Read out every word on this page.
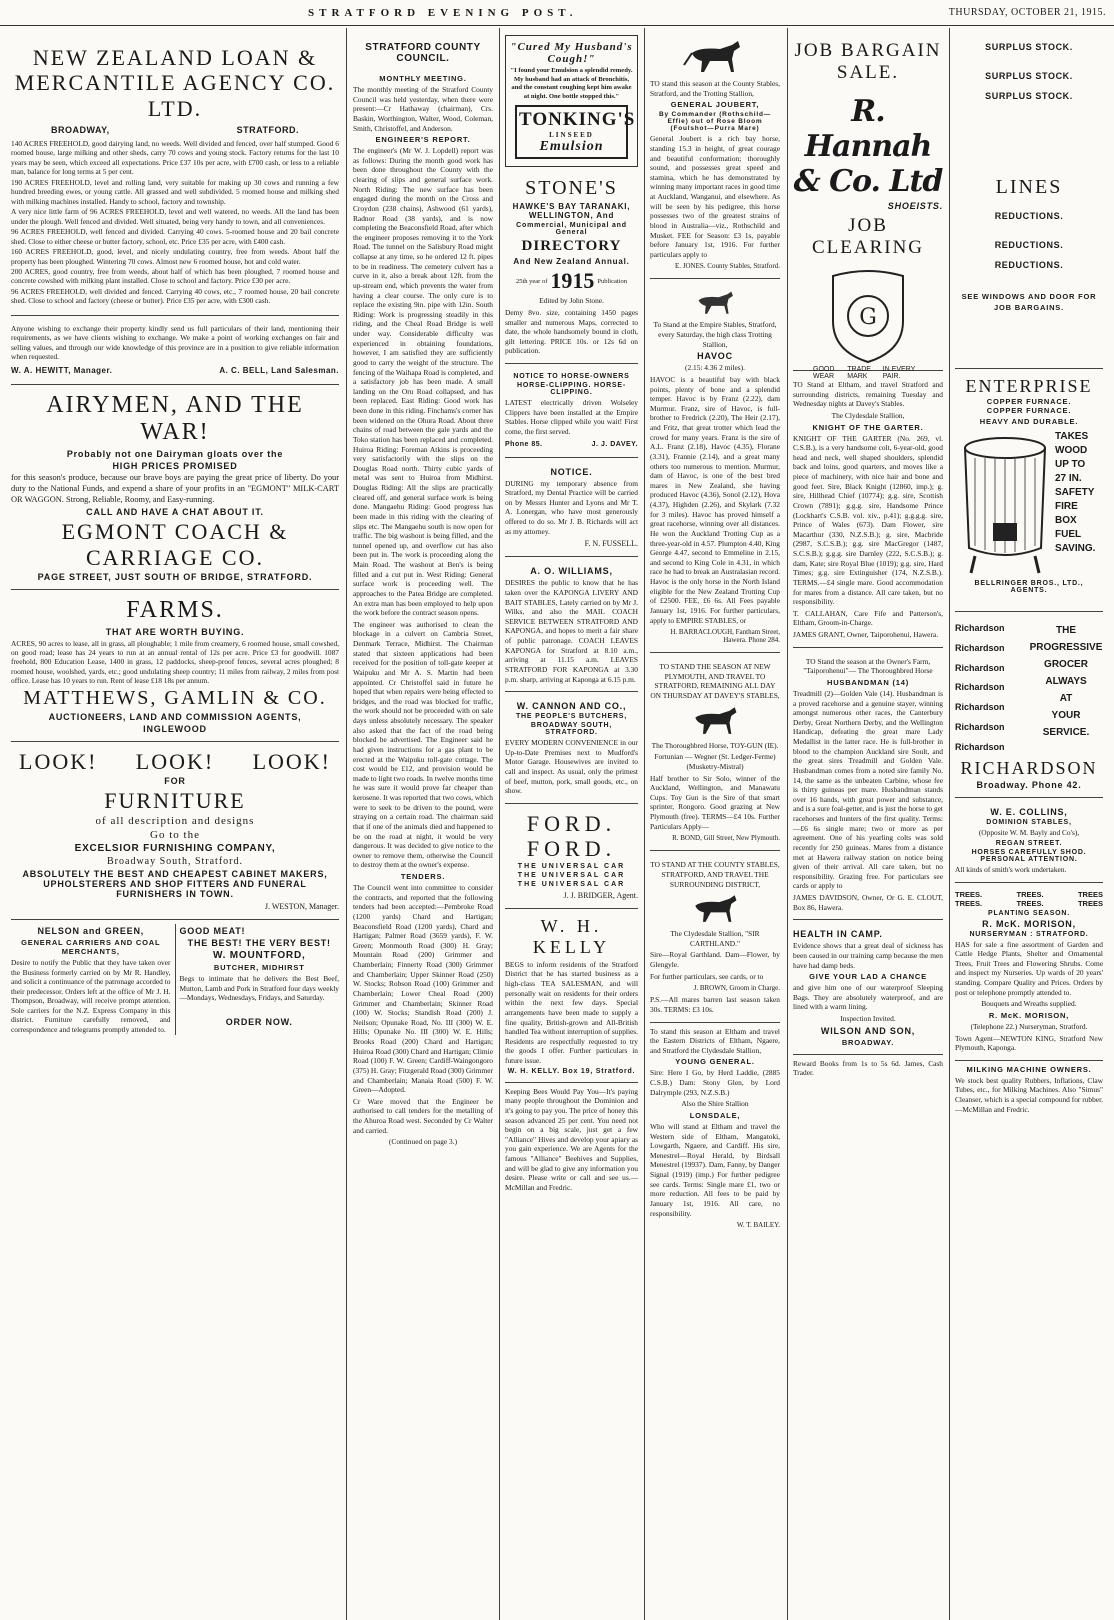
STRATFORD EVENING POST.	THURSDAY, OCTOBER 21, 1915.

NEW ZEALAND LOAN & MERCANTILE AGENCY CO. LTD.

BROADWAY,	STRATFORD.

140 ACRES FREEHOLD, good dairying land, no weeds. Well divided and fenced, over half stumped. Good 6 roomed house, large milking and other sheds, carry 70 cows and young stock. Factory returns for the last 10 years may be seen, which exceed all expectations. Price £37 10s per acre, with £700 cash, or less to a reliable man, balance for long terms at 5 per cent.

190 ACRES FREEHOLD, level and rolling land, very suitable for making up 30 cows and running a few hundred breeding ewes, or young cattle. All grassed and well subdivided. 5 roomed house and milking shed with milking machines installed. Handy to school, factory and township.

A very nice little farm of 96 ACRES FREEHOLD, level and well watered, no weeds. All the land has been under the plough. Well fenced and divided. Well situated, being very handy to town, and all conveniences.

96 ACRES FREEHOLD, well fenced and divided. Carrying 40 cows. 5-roomed house and 20 bail concrete shed. Close to either cheese or butter factory, school, etc. Price £35 per acre, with £400 cash.

160 ACRES FREEHOLD, good, level, and nicely undulating country, free from weeds. About half the property has been ploughed. Wintering 70 cows. Almost new 6 roomed house, hot and cold water.

200 ACRES, good country, free from weeds, about half of which has been ploughed, 7 roomed house and concrete cowshed with milking plant installed. Close to school and factory. Price £30 per acre.

96 ACRES FREEHOLD, well divided and fenced. Carrying 40 cows, etc., 7 roomed house, 20 bail concrete shed. Close to school and factory (cheese or butter). Price £35 per acre, with £300 cash.

Anyone wishing to exchange their property kindly send us full particulars of their land, mentioning their requirements, as we have clients wishing to exchange. We make a point of working exchanges on fair and selling values, and through our wide knowledge of this province are in a position to give reliable information when requested.

W. A. HEWITT, Manager.	A. C. BELL, Land Salesman.

AIRYMEN, AND THE WAR!

Probably not one Dairyman gloats over the

HIGH PRICES PROMISED

for this season's produce, because our brave boys are paying the great price of liberty. Do your duty to the National Funds, and expend a share of your profits in an "EGMONT" MILK-CART OR WAGGON. Strong, Reliable, Roomy, and Easy-running.

CALL AND HAVE A CHAT ABOUT IT.

EGMONT COACH & CARRIAGE CO.

PAGE STREET, JUST SOUTH OF BRIDGE, STRATFORD.

FARMS.

THAT ARE WORTH BUYING.

ACRES, 90 acres to lease, all in grass, all ploughable; 1 mile from creamery, 6 roomed house, small cowshed, on good road; lease has 24 years to run at an annual rental of 12s per acre. Price £3 for goodwill. 1087 freehold, 800 Education Lease, 1400 in grass, 12 paddocks, sheep-proof fences, several acres ploughed; 8 roomed house, woolshed, yards, etc.; good undulating sheep country; 11 miles from railway, 2 miles from post office. Lease has 10 years to run. Rent of lease £18 18s per annum.

MATTHEWS, GAMLIN & CO.

AUCTIONEERS, LAND AND COMMISSION AGENTS,

INGLEWOOD

LOOK! LOOK! LOOK!

FOR

FURNITURE

of all description and designs

Go to the

EXCELSIOR FURNISHING COMPANY,

Broadway South, Stratford.

ABSOLUTELY THE BEST AND CHEAPEST CABINET MAKERS, UPHOLSTERERS AND SHOP FITTERS AND FUNERAL FURNISHERS IN TOWN.

J. WESTON, Manager.

NELSON and GREEN,

GENERAL CARRIERS AND COAL MERCHANTS,

Desire to notify the Public that they have taken over the Business formerly carried on by Mr R. Handley, and solicit a continuance of the patronage accorded to their predecessor. Orders left at the office of Mr J. H. Thompson, Broadway, will receive prompt attention. Sole carriers for the N.Z. Express Company in this district. Furniture carefully removed, and correspondence and telegrams promptly attended to.

GOOD MEAT!

THE BEST! THE VERY BEST!

W. MOUNTFORD,

BUTCHER, MIDHIRST

Begs to intimate that he delivers the Best Beef, Mutton, Lamb and Pork in Stratford four days weekly—Mondays, Wednesdays, Fridays, and Saturday.

ORDER NOW.

STRATFORD COUNTY COUNCIL.

MONTHLY MEETING.

The monthly meeting of the Stratford County Council was held yesterday, when there were present:—Cr Hathaway (chairman), Crs. Baskin, Worthington, Walter, Wood, Coleman, Smith, Christoffel, and Anderson.

ENGINEER'S REPORT.

The engineer's (Mr W. J. Lopdell) report was as follows: During the month good work has been done throughout the County with the clearing of slips and general surface work. North Riding: The new surface has been engaged during the month on the Cross and Croydon (238 chains), Ashwood (61 yards), Radnor Road (38 yards), and is now completing the Beaconsfield Road, after which the engineer proposes removing it to the York Road. The tunnel on the Salisbury Road might collapse at any time, so he ordered 12 ft. pipes to be in readiness. The cemetery culvert has a curve in it, also a break about 12ft. from the up-stream end, which prevents the water from having a clear course. The only cure is to replace the existing 9in. pipe with 12in. South Riding: Work is progressing steadily in this riding, and the Cheal Road Bridge is well under way. Considerable difficulty was experienced in obtaining foundations, however, I am satisfied they are sufficiently good to carry the weight of the structure. The fencing of the Waihapa Road is completed, and a satisfactory job has been made. A small landing on the Oru Road collapsed, and has been replaced. East Riding: Good work has been done in this riding. Finchams's corner has been widened on the Ohura Road. About three chains of road between the gale yards and the Toko station has been replaced and completed. Huiroa Riding: Foreman Atkins is proceeding very satisfactorily with the slips on the Douglas Road north. Thirty cubic yards of metal was sent to Huiroa from Midhirst. Douglas Riding: All the slips are practically cleared off, and general surface work is being done. Mangaehu Riding: Good progress has been made in this riding with the clearing of slips etc. The Mangaehu south is now open for traffic. The big washout is being filled, and the tunnel opened up, and overflow cut has also been put in. The work is proceeding along the Main Road. The washout at Ben's is being filled and a cut put in. West Riding: General surface work is proceeding well. The approaches to the Patea Bridge are completed. An extra man has been employed to help upon the work before the contract season opens.

The engineer was authorised to clean the blockage in a culvert on Cambria Street, Denmark Terrace, Midhirst. The Chairman stated that sixteen applications had been received for the position of toll-gate keeper at Waipuku and Mr A. S. Martin had been appointed. Cr Christoffel said in future he hoped that when repairs were being effected to bridges, and the road was blocked for traffic, the work should not be proceeded with on sale days unless absolutely necessary. The speaker also asked that the fact of the road being blocked be advertised. The Engineer said he had given instructions for a gas plant to be erected at the Waipuku toll-gate cottage. The cost would be £12, and provision would be made to light two roads. In twelve months time he was sure it would prove far cheaper than kerosene. It was reported that two cows, which were to seek to be driven to the pound, were straying on a certain road. The chairman said that if one of the animals died and happened to be on the road at night, it would be very dangerous. It was decided to give notice to the owner to remove them, otherwise the Council to destroy them at the owner's expense.

TENDERS.

The Council went into committee to consider the contracts, and reported that the following tenders had been accepted:—Pembroke Road (1200 yards) Chard and Hartigan; Beaconsfield Road (1200 yards), Chard and Hartigan; Palmer Road (3659 yards), F. W. Green; Monmouth Road (300) H. Gray; Mountain Road (200) Grimmer and Chamberlain; Finnerty Road (300) Grimmer and Chamberlain; Upper Skinner Road (250) W. Stocks; Robson Road (100) Grimmer and Chamberlain; Lower Cheal Road (200) Grimmer and Chamberlain; Skinner Road (100) W. Stocks; Standish Road (200) J. Neilson; Opunake Road, No. III (300) W. E. Hills; Opunake No. III (300) W. E. Hills; Brooks Road (200) Chard and Hartigan; Huiroa Road (300) Chard and Hartigan; Climie Road (100) F. W. Green; Cardiff-Waingongoro (375) H. Gray; Fitzgerald Road (300) Grimmer and Chamberlain; Manaia Road (500) F. W. Green—Adopted.

Cr Ware moved that the Engineer be authorised to call tenders for the metalling of the Ahuroa Road west. Seconded by Cr Walter and carried.

(Continued on page 3.)

"Cured My Husband's Cough!"

"I found your Emulsion a splendid remedy. My husband had an attack of Bronchitis, and the constant coughing kept him awake at night. One bottle stopped this."

TONKING'S
LINSEED
Emulsion

STONE'S

HAWKE'S BAY TARANAKI, WELLINGTON, And

Commercial, Municipal and General

DIRECTORY

And New Zealand Annual.

25th year of 1915 Publication

Edited by John Stone.

Demy 8vo. size, containing 1450 pages smaller and numerous Maps, corrected to date, the whole handsomely bound in cloth, gilt lettering. PRICE 10s. or 12s 6d on publication.

NOTICE TO HORSE-OWNERS

HORSE-CLIPPING. HORSE-CLIPPING.

LATEST electrically driven Wolseley Clippers have been installed at the Empire Stables. Horse clipped while you wait! First come, the first served.

Phone 85.	J. J. DAVEY.

NOTICE.

DURING my temporary absence from Stratford, my Dental Practice will be carried on by Messrs Hunter and Lyons and Mr T. A. Lonergan, who have most generously offered to do so. Mr J. B. Richards will act as my attorney.

F. N. FUSSELL.

A. O. WILLIAMS,

DESIRES the public to know that he has taken over the KAPONGA LIVERY AND BAIT STABLES, Lately carried on by Mr J. Wilks, and also the MAIL COACH SERVICE BETWEEN STRATFORD AND KAPONGA, and hopes to merit a fair share of public patronage. COACH LEAVES KAPONGA for Stratford at 8.10 a.m., arriving at 11.15 a.m. LEAVES STRATFORD FOR KAPONGA at 3.30 p.m. sharp, arriving at Kaponga at 6.15 p.m.

W. CANNON AND CO.,

THE PEOPLE'S BUTCHERS,

BROADWAY SOUTH, STRATFORD.

EVERY MODERN CONVENIENCE in our Up-to-Date Premises next to Mudford's Motor Garage. Housewives are invited to call and inspect. As usual, only the primest of beef, mutton, pork, small goods, etc., on show.

FORD.

FORD.

THE UNIVERSAL CAR

THE UNIVERSAL CAR

THE UNIVERSAL CAR

J. J. BRIDGER, Agent.

W. H. KELLY

BEGS to inform residents of the Stratford District that he has started business as a high-class TEA SALESMAN, and will personally wait on residents for their orders within the next few days. Special arrangements have been made to supply a fine quality, British-grown and All-British handled Tea without interruption of supplies. Residents are respectfully requested to try the goods I offer. Further particulars in future issue.

W. H. KELLY. Box 19, Stratford.

Keeping Bees Would Pay You—It's paying many people throughout the Dominion and it's going to pay you. The price of honey this season advanced 25 per cent. You need not begin on a big scale, just get a few "Alliance" Hives and develop your apiary as you gain experience. We are Agents for the famous "Alliance" Beehives and Supplies, and will be glad to give any information you desire. Please write or call and see us.—McMillan and Fredric.

TO stand this season at the County Stables, Stratford, and the Trotting Stallion,

GENERAL JOUBERT,

By Commander (Rothschild—Effie) out of Rose Bloom (Foulshot—Purra Mare)

General Joubert is a rich bay horse, standing 15.3 in height, of great courage and beautiful conformation; thoroughly sound, and possesses great speed and stamina, which he has demonstrated by winning many important races in good time at Auckland, Wanganui, and elsewhere. As will be seen by his pedigree, this horse possesses two of the greatest strains of blood in Australia—viz., Rothschild and Musket. FEE for Season: £3 1s, payable before January 1st, 1916. For further particulars apply to

E. JONES. County Stables, Stratford.

To Stand at the Empire Stables, Stratford, every Saturday, the high class Trotting Stallion,

HAVOC

(2.15: 4.36 2 miles).

HAVOC is a beautiful bay with black points, plenty of bone and a splendid temper. Havoc is by Franz (2.22), dam Murmur. Franz, sire of Havoc, is full-brother to Fredrick (2.20), The Heir (2.17), and Fritz, that great trotter which lead the crowd for many years. Franz is the sire of A.L. Franz (2.18), Havoc (4.35), Florane (3.31), Frannie (2.14), and a great many others too numerous to mention. Murmur, dam of Havoc, is one of the best bred mares in New Zealand, she having produced Havoc (4.36), Sonol (2.12), Hova (4.37), Highden (2.26), and Skylark (7.32 for 3 miles). Havoc has proved himself a great racehorse, winning over all distances. He won the Auckland Trotting Cup as a three-year-old in 4.57. Plumpton 4.40, King George 4.47, second to Emmeline in 2.15, and second to King Cole in 4.31, in which race he had to break an Australasian record. Havoc is the only horse in the North Island eligible for the New Zealand Trotting Cup of £2500. FEE, £6 6s. All Fees payable January 1st, 1916. For further particulars, apply to EMPIRE STABLES, or

H. BARRACLOUGH, Fantham Street, Hawera. Phone 284.

TO STAND THE SEASON AT NEW PLYMOUTH, AND TRAVEL TO STRATFORD, REMAINING ALL DAY ON THURSDAY AT DAVEY'S STABLES,

The Thoroughbred Horse, TOY-GUN (IE).

Fortunian — Wegner (St. Ledger-Ferme) (Musketry-Mistral)

Half brother to Sir Solo, winner of the Auckland, Wellington, and Manawatu Cups. Toy Gun is the Sire of that smart sprinter, Rongoro. Good grazing at New Plymouth (free). TERMS—£4 10s. Further Particulars Apply—

R. BOND, Gill Street, New Plymouth.

TO STAND AT THE COUNTY STABLES, STRATFORD, AND TRAVEL THE SURROUNDING DISTRICT,

The Clydesdale Stallion, "SIR CARTHLAND."

Sire—Royal Garthland. Dam—Flower, by Glengyle.

For further particulars, see cards, or to

J. BROWN, Groom in Charge.

P.S.—All mares barren last season taken 30s. TERMS: £3 10s.

To stand this season at Eltham and travel the Eastern Districts of Eltham, Ngaere, and Stratford the Clydesdale Stallion,

YOUNG GENERAL.

Sire: Here I Go, by Herd Laddie, (2885 C.S.B.) Dam: Stony Glen, by Lord Dalrymple (293, N.Z.S.B.)

Also the Shire Stallion

LONSDALE,

Who will stand at Eltham and travel the Western side of Eltham, Mangatoki, Lowgarth, Ngaere, and Cardiff. His sire, Menestrel—Royal Herald, by Birdsall Menestrel (19937). Dam, Fanny, by Danger Signal (1919) (imp.) For further pedigree see cards. Terms: Single mare £1, two or more reduction. All fees to be paid by January 1st, 1916. All care, no responsibility.

W. T. BAILEY.

JOB BARGAIN SALE.

R. Hannah & Co. Ltd

SHOEISTS.

JOB CLEARING

G
GOOD WEAR
TRADE MARK
IN EVERY PAIR.

TO Stand at Eltham, and travel Stratford and surrounding districts, remaining Tuesday and Wednesday nights at Davey's Stables.

The Clydesdale Stallion,

KNIGHT OF THE GARTER.

KNIGHT OF THE GARTER (No. 269, vl. C.S.B.), is a very handsome colt, 6-year-old, good head and neck, well shaped shoulders, splendid back and loins, good quarters, and moves like a piece of machinery, with nice hair and bone and good feet. Sire, Black Knight (12860, imp.); g. sire, Hillhead Chief (10774); g.g. sire, Scottish Crown (7891); g.g.g. sire, Handsome Prince (Lockhart's C.S.B. vol. xiv., p.41); g.g.g.g. sire, Prince of Wales (673). Dam Flower, sire Macarthur (330, N.Z.S.B.); g. sire, Macbride (2987, S.C.S.B.); g.g. sire MacGregor (1487, S.C.S.B.); g.g.g. sire Darnley (222, S.C.S.B.); g. dam, Kate; sire Royal Blue (1019); g.g. sire, Hard Times; g.g. sire Extinguisher (174, N.Z.S.B.). TERMS.—£4 single mare. Good accommodation for mares from a distance. All care taken, but no responsibility.

T. CALLAHAN, Care Fife and Patterson's, Eltham, Groom-in-Charge.

JAMES GRANT, Owner, Taiporohenui, Hawera.

TO Stand the season at the Owner's Farm, "Taiporohenui"— The Thoroughbred Horse

HUSBANDMAN (14)

Treadmill (2)—Golden Vale (14). Husbandman is a proved racehorse and a genuine stayer, winning amongst numerous other races, the Canterbury Derby, Great Northern Derby, and the Wellington Handicap, defeating the great mare Lady Medallist in the latter race. He is full-brother in blood to the champion Auckland sire Soult, and the great sires Treadmill and Golden Vale. Husbandman comes from a noted sire family No. 14, the same as the unbeaten Carbine, whose fee is thirty guineas per mare. Husbandman stands over 16 hands, with great power and substance, and is a sure foal-getter, and is just the horse to get racehorses and hunters of the first quality. Terms:—£6 6s single mare; two or more as per agreement. One of his yearling colts was sold recently for 250 guineas. Mares from a distance met at Hawera railway station on notice being given of their arrival. All care taken, but no responsibility. Grazing free. For particulars see cards or apply to

JAMES DAVIDSON, Owner, Or G. E. CLOUT, Box 86, Hawera.

HEALTH IN CAMP.

Evidence shows that a great deal of sickness has been caused in our training camp because the men have had damp beds.

GIVE YOUR LAD A CHANCE

and give him one of our waterproof Sleeping Bags. They are absolutely waterproof, and are lined with a warm lining.

Inspection Invited.

WILSON AND SON,

BROADWAY.

Reward Books from 1s to 5s 6d. James, Cash Trader.

SURPLUS STOCK.

SURPLUS STOCK.

SURPLUS STOCK.

LINES

REDUCTIONS.

REDUCTIONS.

REDUCTIONS.

SEE WINDOWS AND DOOR FOR

JOB BARGAINS.

ENTERPRISE

COPPER FURNACE.

COPPER FURNACE.

HEAVY AND DURABLE.

TAKES

WOOD

UP TO

27 IN.

SAFETY

FIRE

BOX

FUEL

SAVING.

BELLRINGER BROS., LTD., AGENTS.

Richardson

Richardson

Richardson

Richardson

Richardson

Richardson

Richardson

THE

PROGRESSIVE

GROCER

ALWAYS

AT

YOUR

SERVICE.

RICHARDSON

Broadway. Phone 42.

W. E. COLLINS,

DOMINION STABLES,

(Opposite W. M. Bayly and Co's),

REGAN STREET.

HORSES CAREFULLY SHOD. PERSONAL ATTENTION.

All kinds of smith's work undertaken.

TREES.	TREES.	TREES
TREES.	TREES.	TREES

PLANTING SEASON.

R. McK. MORISON,

NURSERYMAN : STRATFORD.

HAS for sale a fine assortment of Garden and Cattle Hedge Plants, Shelter and Ornamental Trees, Fruit Trees and Flowering Shrubs. Come and inspect my Nurseries. Up wards of 20 years' standing. Compare Quality and Prices. Orders by post or telephone promptly attended to.

Bouquets and Wreaths supplied.

R. McK. MORISON,

(Telephone 22.) Nurseryman, Stratford.

Town Agent—NEWTON KING, Stratford New Plymouth, Kaponga.

MILKING MACHINE OWNERS.

We stock best quality Rubbers, Inflations, Claw Tubes, etc., for Milking Machines. Also "Simus" Cleanser, which is a special compound for rubber.—McMillan and Fredric.
